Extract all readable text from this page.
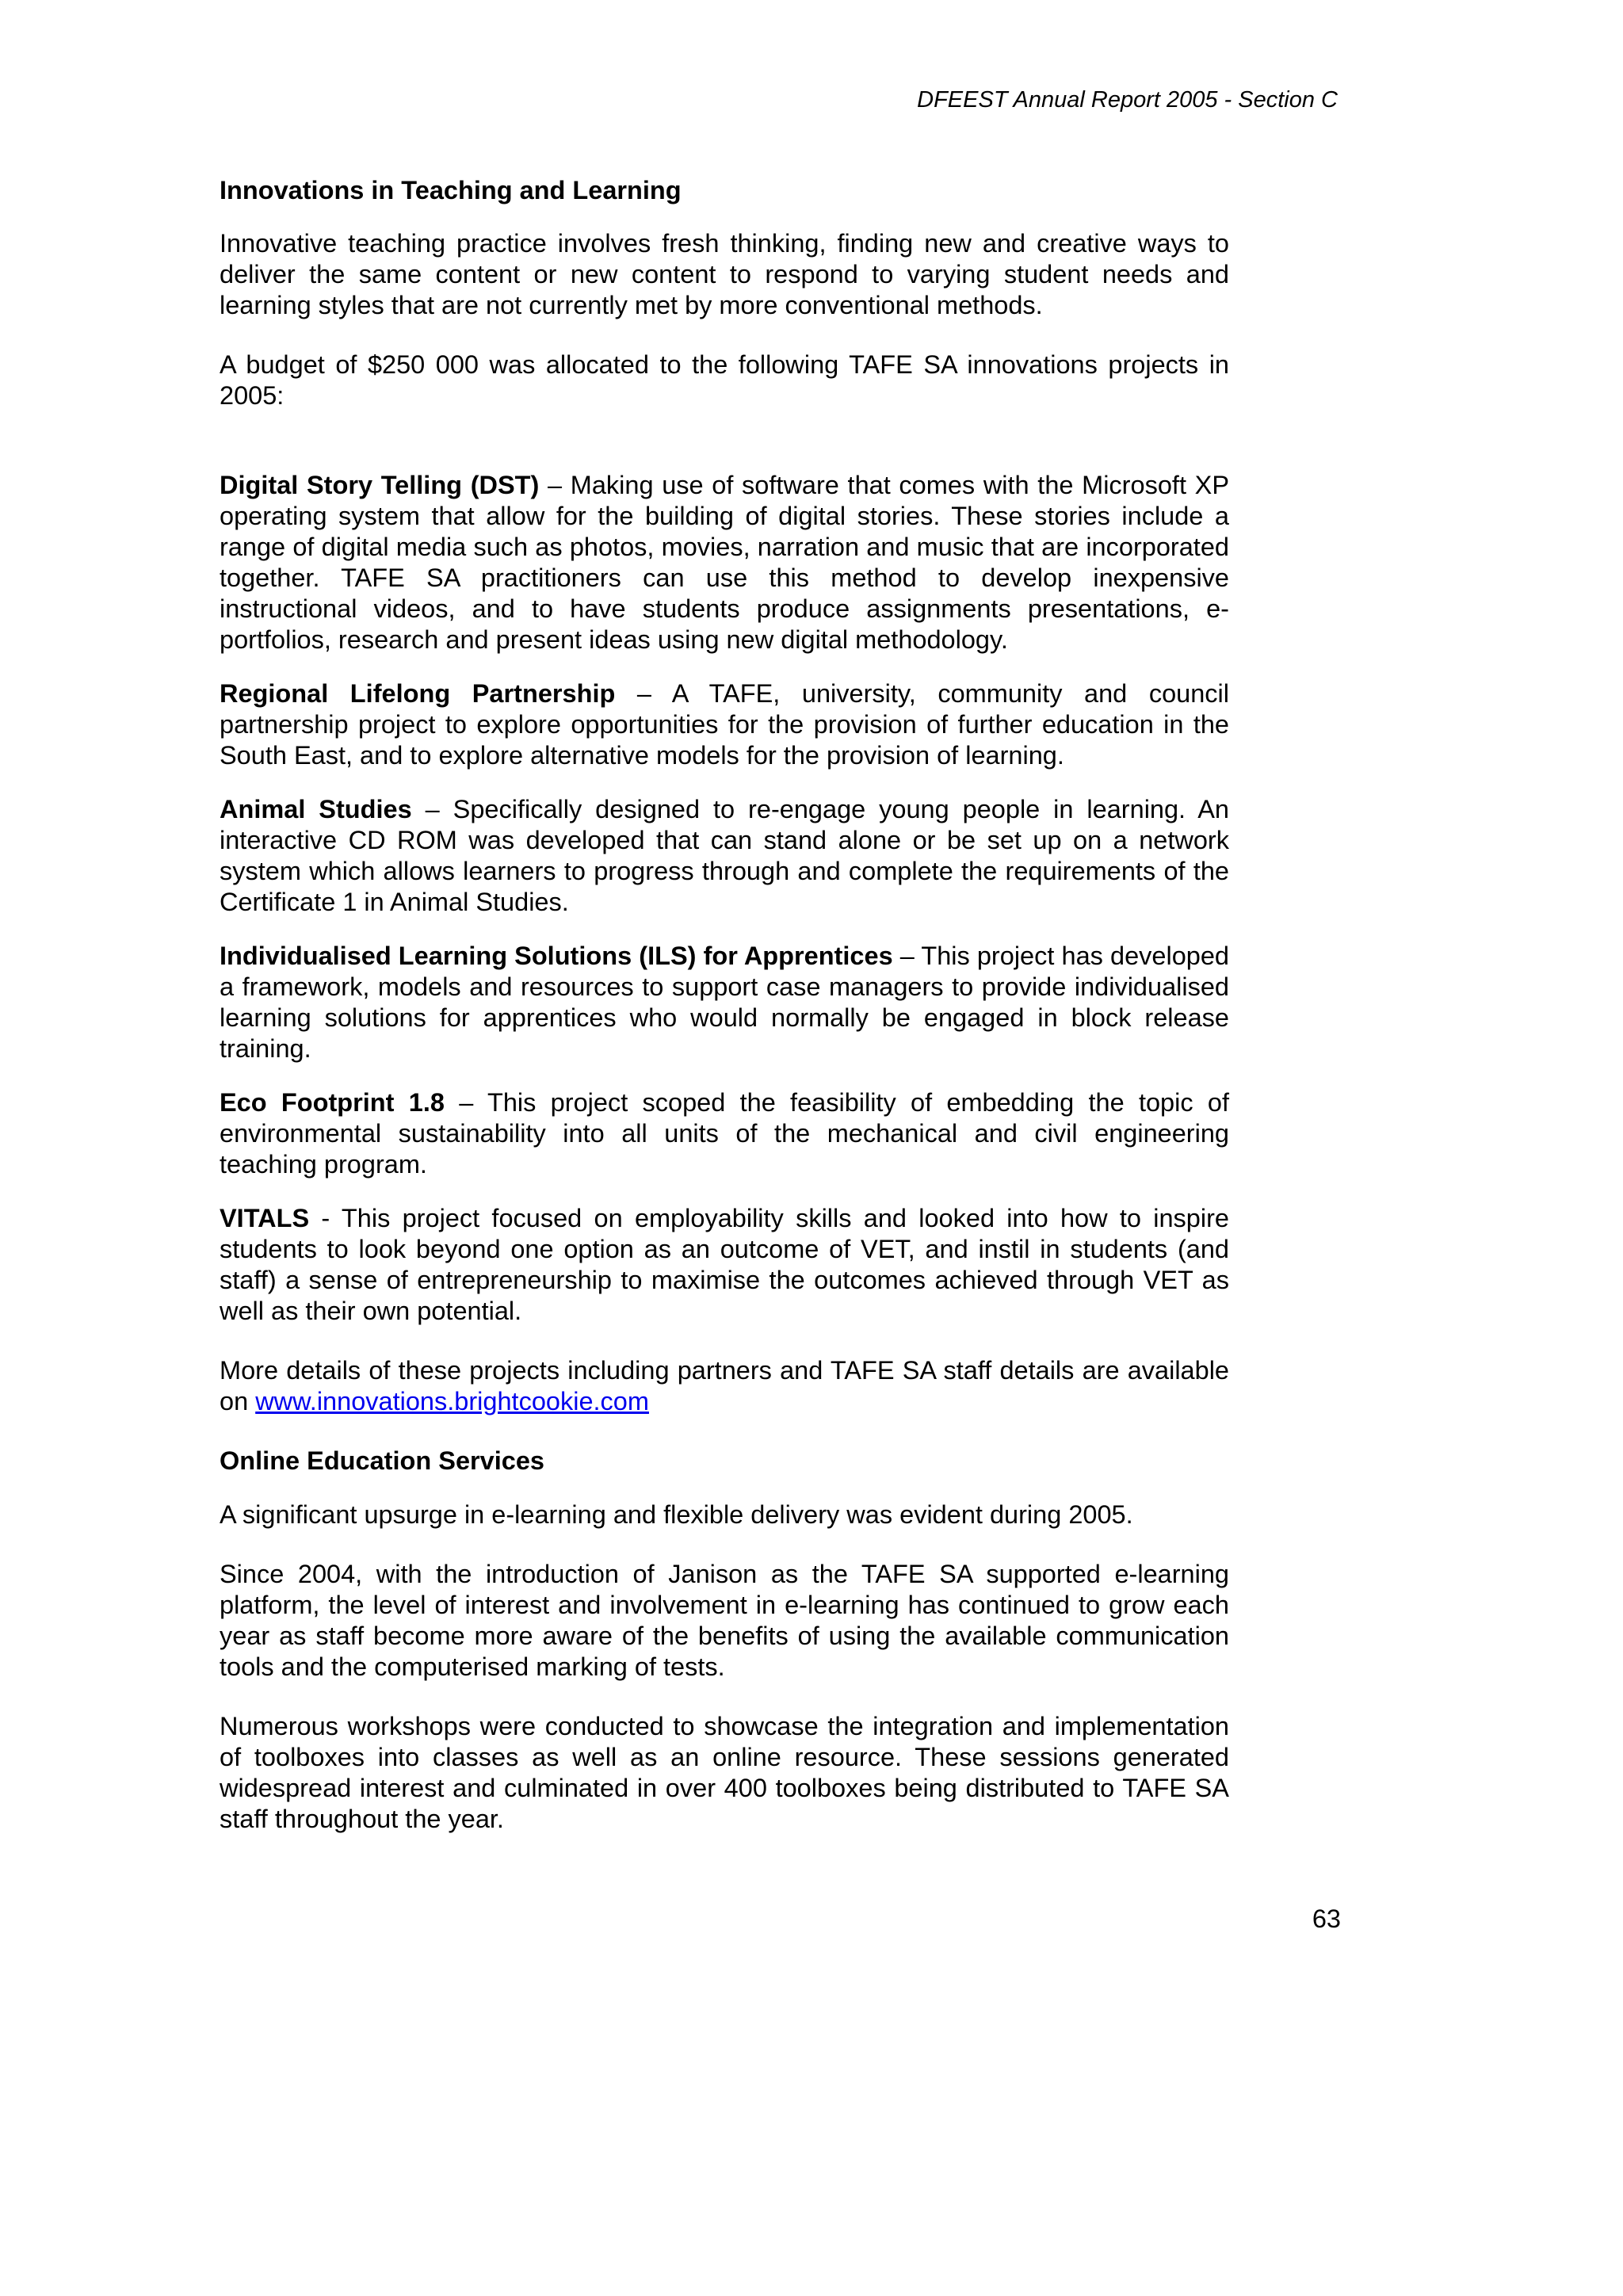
DFEEST Annual Report 2005 - Section C

Innovations in Teaching and Learning

Innovative teaching practice involves fresh thinking, finding new and creative ways to deliver the same content or new content to respond to varying student needs and learning styles that are not currently met by more conventional methods.

A budget of $250 000 was allocated to the following TAFE SA innovations projects in 2005:

Digital Story Telling (DST) – Making use of software that comes with the Microsoft XP operating system that allow for the building of digital stories. These stories include a range of digital media such as photos, movies, narration and music that are incorporated together. TAFE SA practitioners can use this method to develop inexpensive instructional videos, and to have students produce assignments presentations, e-portfolios, research and present ideas using new digital methodology.

Regional Lifelong Partnership – A TAFE, university, community and council partnership project to explore opportunities for the provision of further education in the South East, and to explore alternative models for the provision of learning.

Animal Studies – Specifically designed to re-engage young people in learning. An interactive CD ROM was developed that can stand alone or be set up on a network system which allows learners to progress through and complete the requirements of the Certificate 1 in Animal Studies.

Individualised Learning Solutions (ILS) for Apprentices – This project has developed a framework, models and resources to support case managers to provide individualised learning solutions for apprentices who would normally be engaged in block release training.

Eco Footprint 1.8 – This project scoped the feasibility of embedding the topic of environmental sustainability into all units of the mechanical and civil engineering teaching program.

VITALS - This project focused on employability skills and looked into how to inspire students to look beyond one option as an outcome of VET, and instil in students (and staff) a sense of entrepreneurship to maximise the outcomes achieved through VET as well as their own potential.

More details of these projects including partners and TAFE SA staff details are available on www.innovations.brightcookie.com

Online Education Services

A significant upsurge in e-learning and flexible delivery was evident during 2005.

Since 2004, with the introduction of Janison as the TAFE SA supported e-learning platform, the level of interest and involvement in e-learning has continued to grow each year as staff become more aware of the benefits of using the available communication tools and the computerised marking of tests.

Numerous workshops were conducted to showcase the integration and implementation of toolboxes into classes as well as an online resource. These sessions generated widespread interest and culminated in over 400 toolboxes being distributed to TAFE SA staff throughout the year.

63
